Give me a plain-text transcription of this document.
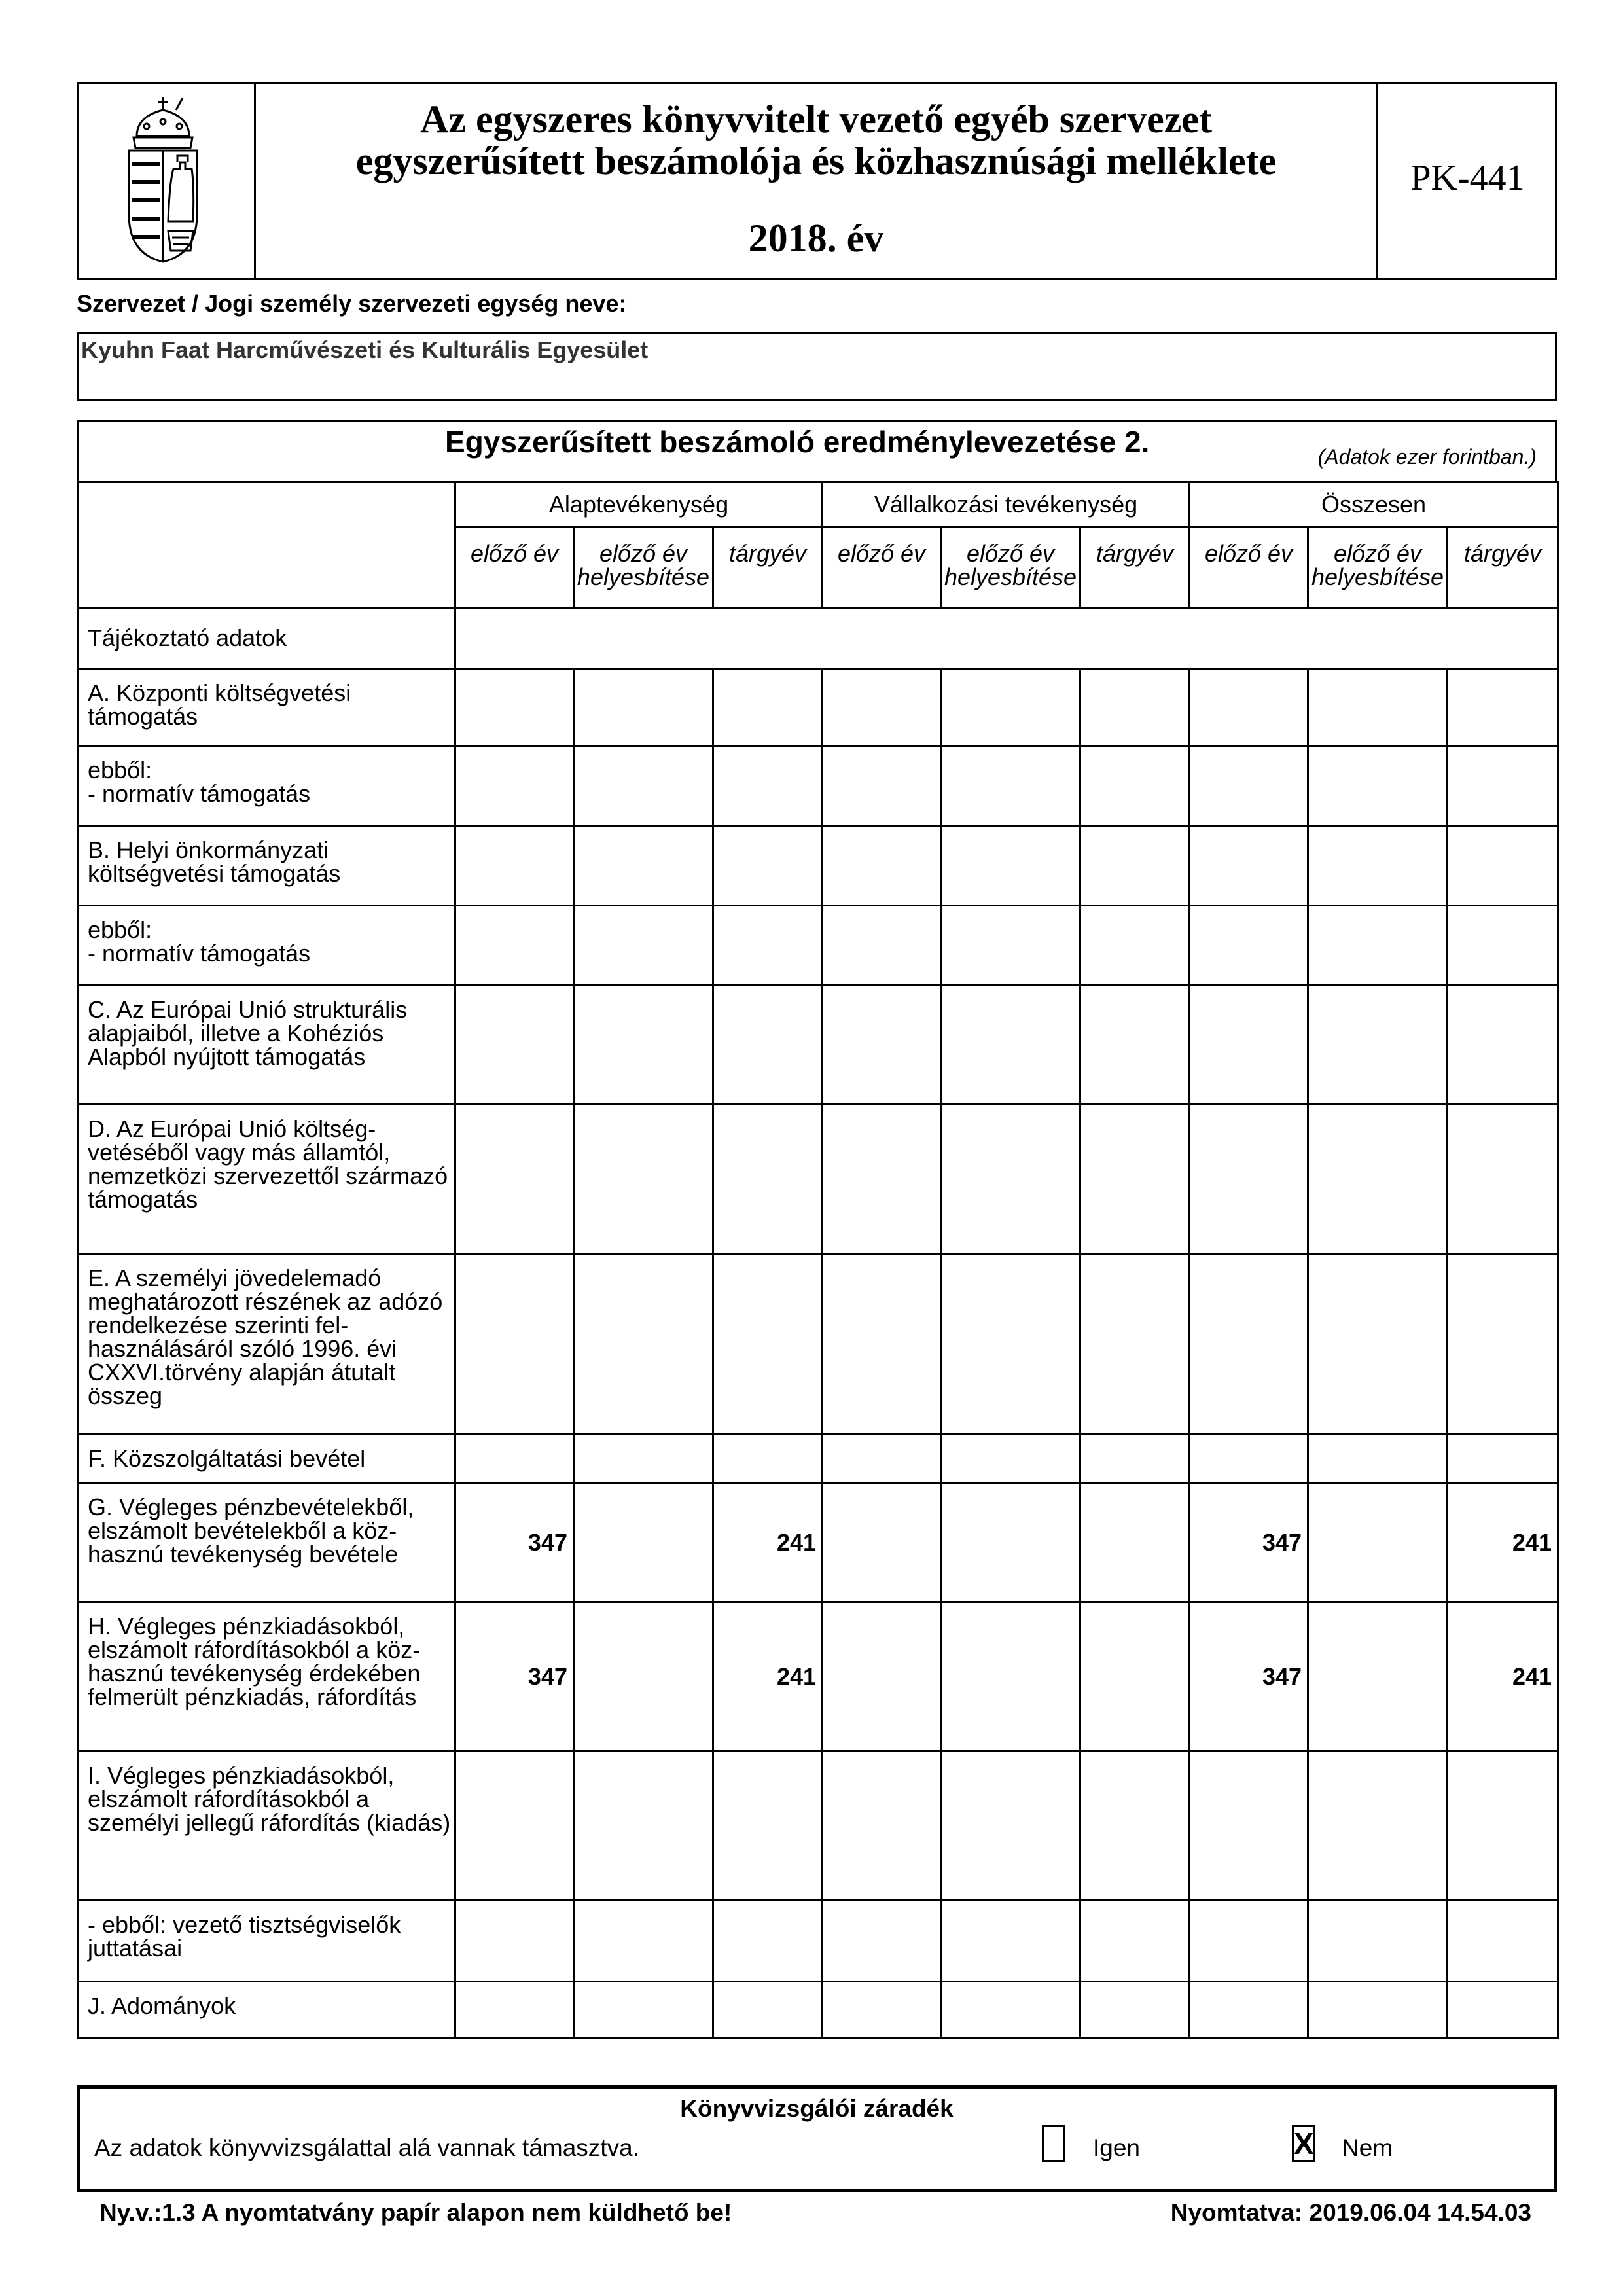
Az egyszeres könyvvitelt vezető egyéb szervezet
egyszerűsített beszámolója és közhasznúsági melléklete
2018. év
PK-441
Szervezet / Jogi személy szervezeti egység neve:
Kyuhn Faat Harcművészeti és Kulturális Egyesület
Egyszerűsített beszámoló eredménylevezetése 2.	(Adatok ezer forintban.)
	Alaptevékenység			Vállalkozási tevékenység			Összesen		
	előző év	előző év helyesbítése	tárgyév	előző év	előző év helyesbítése	tárgyév	előző év	előző év helyesbítése	tárgyév
Tájékoztató adatok									
A. Központi költségvetési támogatás									
ebből:
- normatív támogatás									
B. Helyi önkormányzati költségvetési támogatás									
ebből:
- normatív támogatás									
C. Az Európai Unió strukturális alapjaiból, illetve a Kohéziós Alapból nyújtott támogatás									
D. Az Európai Unió költség-
vetéséből vagy más államtól, nemzetközi szervezettől származó támogatás									
E. A személyi jövedelemadó meghatározott részének az adózó rendelkezése szerinti fel-
használásáról szóló 1996. évi CXXVI.törvény alapján átutalt összeg									
F. Közszolgáltatási bevétel									
G. Végleges pénzbevételekből, elszámolt bevételekből a köz-
hasznú tevékenység bevétele	347		241				347		241
H. Végleges pénzkiadásokból, elszámolt ráfordításokból a köz-
hasznú tevékenység érdekében felmerült pénzkiadás, ráfordítás	347		241				347		241
I. Végleges pénzkiadásokból, elszámolt ráfordításokból a személyi jellegű ráfordítás (kiadás)									
- ebből: vezető tisztségviselők
juttatásai									
J. Adományok									
Könyvvizsgálói záradék
Az adatok könyvvizsgálattal alá vannak támasztva.	Igen	X Nem
Ny.v.:1.3 A nyomtatvány papír alapon nem küldhető be!	Nyomtatva: 2019.06.04 14.54.03
